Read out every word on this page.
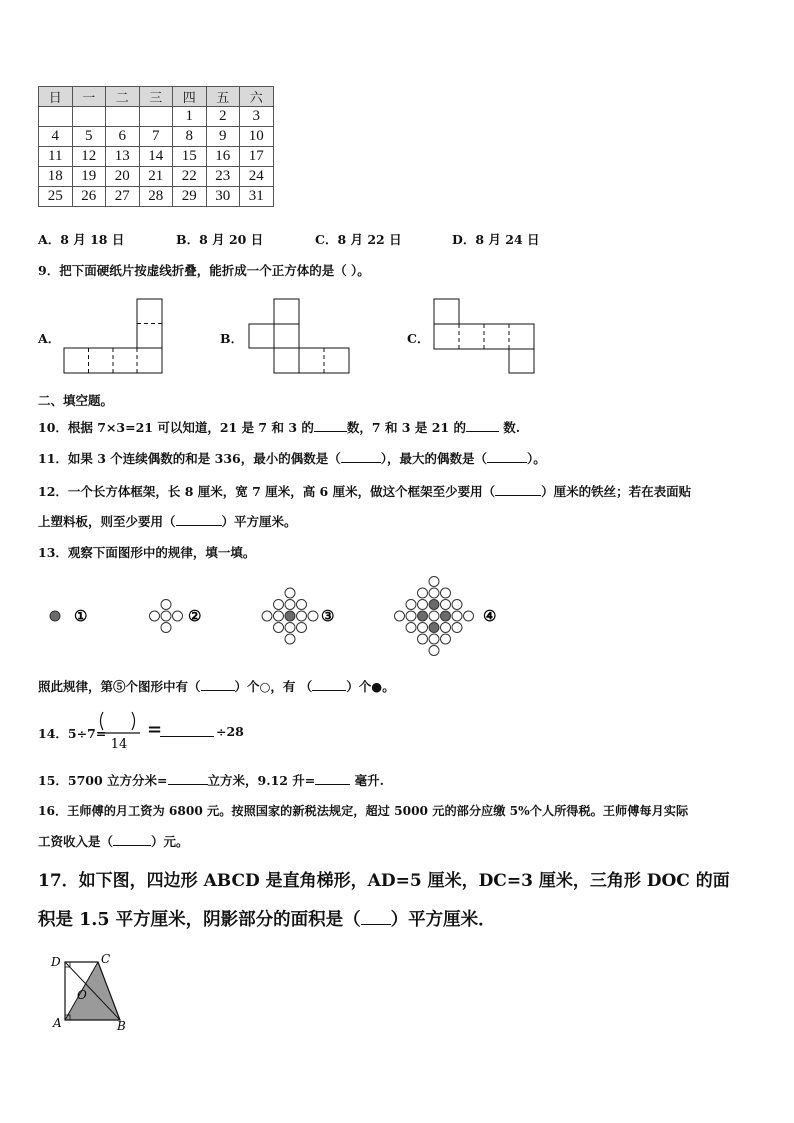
日	一	二	三	四	五	六
				1	2	3
4	5	6	7	8	9	10
11	12	13	14	15	16	17
18	19	20	21	22	23	24
25	26	27	28	29	30	31
A．8 月 18 日	B．8 月 20 日	C．8 月 22 日	D．8 月 24 日
9．把下面硬纸片按虚线折叠，能折成一个正方体的是（ ）。
A．	B．	C．
二、填空题。
10．根据 7×3=21 可以知道，21 是 7 和 3 的	数，7 和 3 是 21 的	数.
11．如果 3 个连续偶数的和是 336，最小的偶数是（	），最大的偶数是（	）。
12．一个长方体框架，长 8 厘米，宽 7 厘米，高 6 厘米，做这个框架至少要用（	）厘米的铁丝；若在表面贴
上塑料板，则至少要用（	）平方厘米。
13．观察下面图形中的规律，填一填。
①	②	③	④
照此规律，第⑤个图形中有（	）个○，有 （	）个●。
14．5÷7=
14
=	÷28
15．5700 立方分米=	立方米，9.12 升=	毫升.
16．王师傅的月工资为 6800 元。按照国家的新税法规定，超过 5000 元的部分应缴 5%个人所得税。王师傅每月实际
工资收入是（	）元。
17．如下图，四边形 ABCD 是直角梯形，AD=5 厘米，DC=3 厘米，三角形 DOC 的面
积是 1.5 平方厘米，阴影部分的面积是（ ）平方厘米．
D	C
O
A	B
